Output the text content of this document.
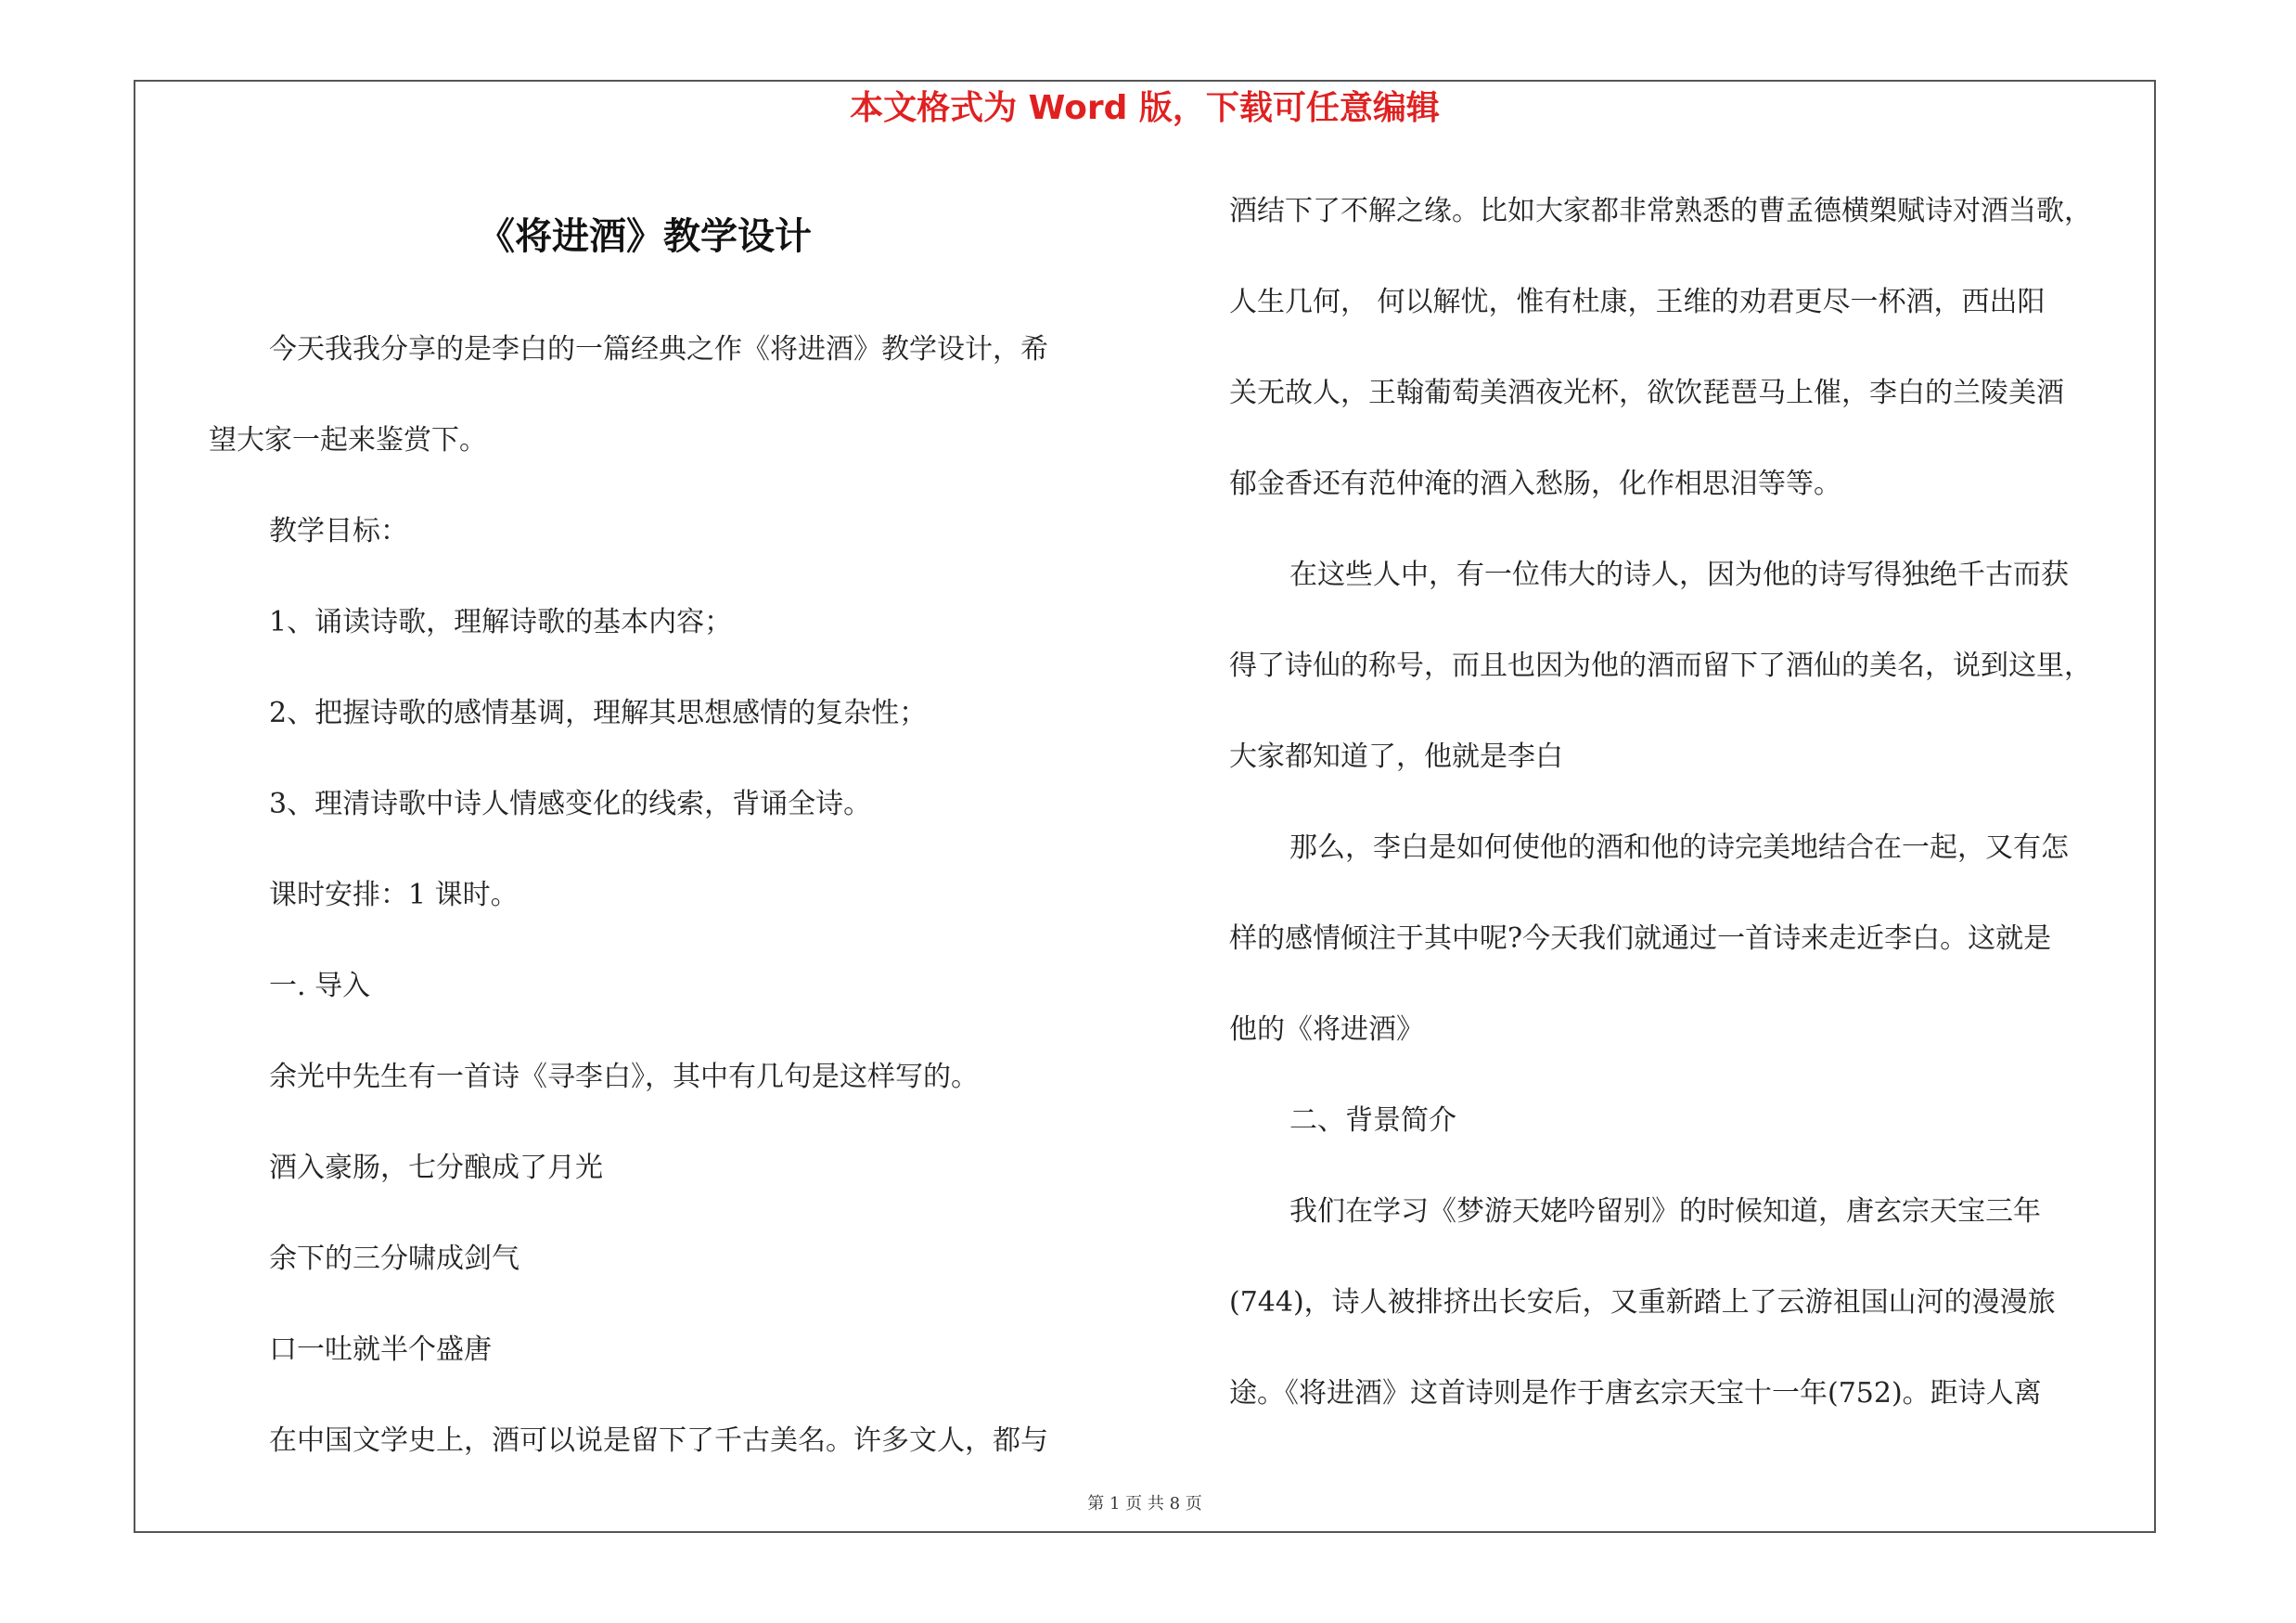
本文格式为 Word 版，下载可任意编辑
《将进酒》教学设计
今天我我分享的是李白的一篇经典之作《将进酒》教学设计，希
望大家一起来鉴赏下。
教学目标：
1、诵读诗歌，理解诗歌的基本内容；
2、把握诗歌的感情基调，理解其思想感情的复杂性；
3、理清诗歌中诗人情感变化的线索，背诵全诗。
课时安排：1 课时。
一. 导入
余光中先生有一首诗《寻李白》，其中有几句是这样写的。
酒入豪肠，七分酿成了月光
余下的三分啸成剑气
口一吐就半个盛唐
在中国文学史上，酒可以说是留下了千古美名。许多文人，都与
酒结下了不解之缘。比如大家都非常熟悉的曹孟德横槊赋诗对酒当歌，
人生几何， 何以解忧，惟有杜康，王维的劝君更尽一杯酒，西出阳
关无故人，王翰葡萄美酒夜光杯，欲饮琵琶马上催，李白的兰陵美酒
郁金香还有范仲淹的酒入愁肠，化作相思泪等等。
在这些人中，有一位伟大的诗人，因为他的诗写得独绝千古而获
得了诗仙的称号，而且也因为他的酒而留下了酒仙的美名，说到这里，
大家都知道了，他就是李白
那么，李白是如何使他的酒和他的诗完美地结合在一起，又有怎
样的感情倾注于其中呢?今天我们就通过一首诗来走近李白。这就是
他的《将进酒》
二、背景简介
我们在学习《梦游天姥吟留别》的时候知道，唐玄宗天宝三年
(744)，诗人被排挤出长安后，又重新踏上了云游祖国山河的漫漫旅
途。《将进酒》这首诗则是作于唐玄宗天宝十一年(752)。距诗人离
第 1 页 共 8 页
